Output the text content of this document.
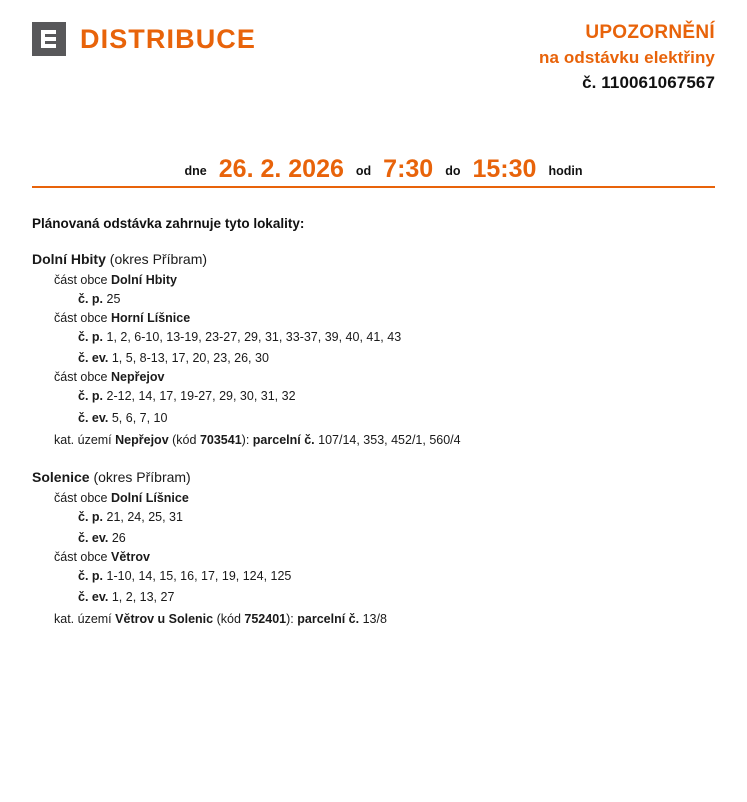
DISTRIBUCE	UPOZORNĚNÍ
na odstávku elektřiny
č. 110061067567
dne 26. 2. 2026 od 7:30 do 15:30 hodin
Plánovaná odstávka zahrnuje tyto lokality:
Dolní Hbity (okres Příbram)
část obce Dolní Hbity
č. p. 25
část obce Horní Líšnice
č. p. 1, 2, 6-10, 13-19, 23-27, 29, 31, 33-37, 39, 40, 41, 43
č. ev. 1, 5, 8-13, 17, 20, 23, 26, 30
část obce Nepřejov
č. p. 2-12, 14, 17, 19-27, 29, 30, 31, 32
č. ev. 5, 6, 7, 10
kat. území Nepřejov (kód 703541): parcelní č. 107/14, 353, 452/1, 560/4
Solenice (okres Příbram)
část obce Dolní Líšnice
č. p. 21, 24, 25, 31
č. ev. 26
část obce Větrov
č. p. 1-10, 14, 15, 16, 17, 19, 124, 125
č. ev. 1, 2, 13, 27
kat. území Větrov u Solenic (kód 752401): parcelní č. 13/8
